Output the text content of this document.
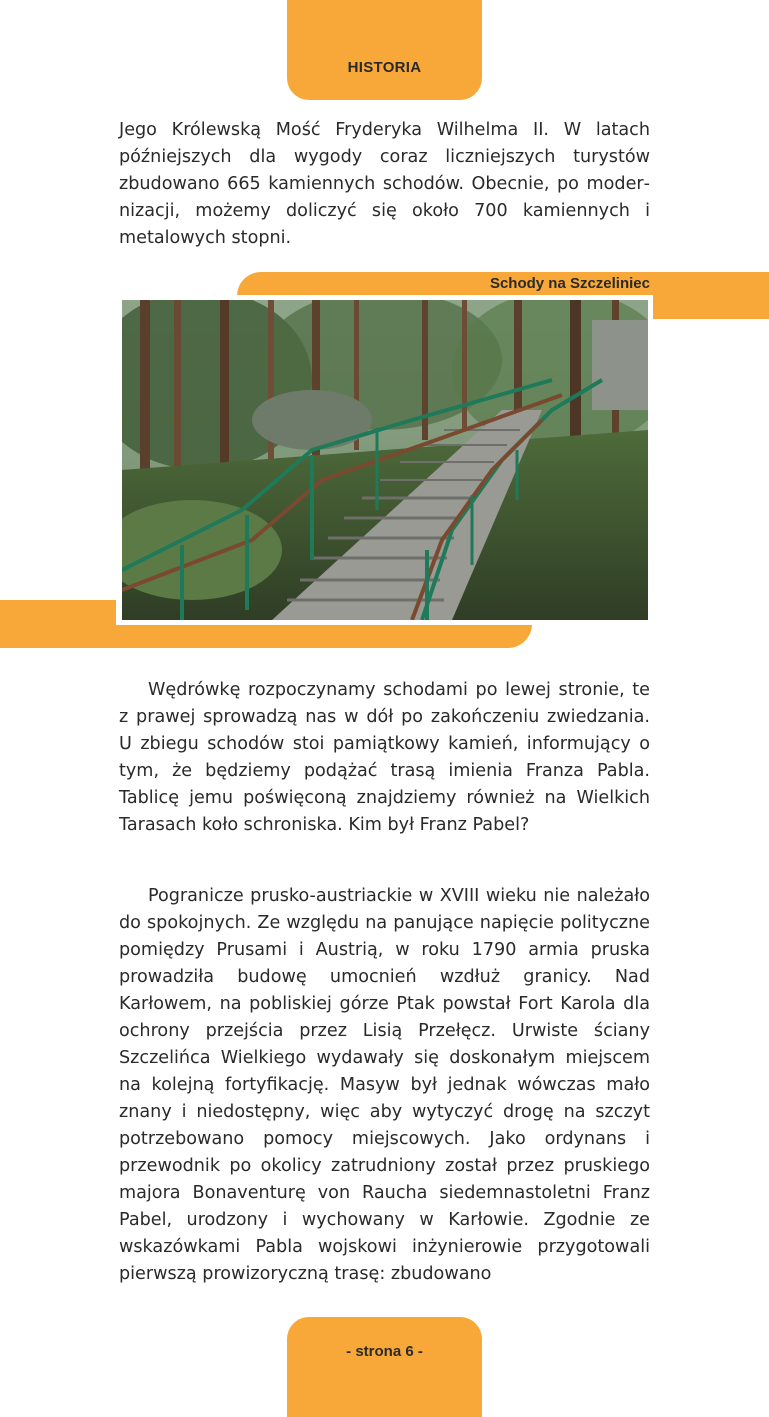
HISTORIA

Jego Królewską Mość Fryderyka Wilhelma II. W latach późniejszych dla wygody coraz liczniejszych turystów zbudowano 665 kamiennych schodów. Obecnie, po modernizacji, możemy doliczyć się około 700 kamiennych i metalowych stopni.

Schody na Szczeliniec

Wędrówkę rozpoczynamy schodami po lewej stronie, te z prawej sprowadzą nas w dół po zakończeniu zwiedzania. U zbiegu schodów stoi pamiątkowy kamień, informujący o tym, że będziemy podążać trasą imienia Franza Pabla. Tablicę jemu poświęconą znajdziemy również na Wielkich Tarasach koło schroniska. Kim był Franz Pabel?

Pogranicze prusko-austriackie w XVIII wieku nie należało do spokojnych. Ze względu na panujące napięcie polityczne pomiędzy Prusami i Austrią, w roku 1790 armia pruska prowadziła budowę umocnień wzdłuż granicy. Nad Karłowem, na pobliskiej górze Ptak powstał Fort Karola dla ochrony przejścia przez Lisią Przełęcz. Urwiste ściany Szczelińca Wielkiego wydawały się doskonałym miejscem na kolejną fortyfikację. Masyw był jednak wówczas mało znany i niedostępny, więc aby wytyczyć drogę na szczyt potrzebowano pomocy miejscowych. Jako ordynans i przewodnik po okolicy zatrudniony został przez pruskiego majora Bonaventurę von Raucha siedemnastoletni Franz Pabel, urodzony i wychowany w Karłowie. Zgodnie ze wskazówkami Pabla wojskowi inżynierowie przygotowali pierwszą prowizoryczną trasę: zbudowano

- strona 6 -
